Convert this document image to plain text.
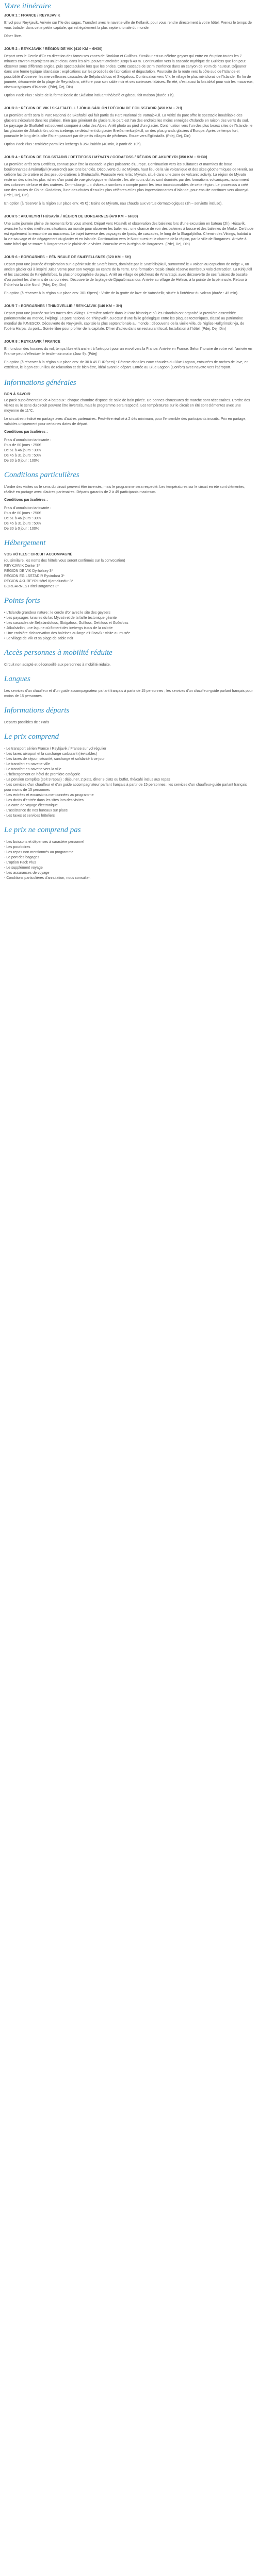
Votre itinéraire
JOUR 1 : FRANCE / REYKJAVIK

Envol pour Reykjavik. Arrivée sur l'île des sagas. Transfert avec le navette-ville de Keflavik, pour vous rendre directement à votre hôtel. Prenez le temps de vous balader dans cette petite capitale, qui est également la plus septentrionale du monde.

Dîner libre.

JOUR 2 : REYKJAVIK / RÉGION DE VIK (410 KM – 6H30)

Départ vers le Cercle d'Or en direction des fameuses zones de Strokkur et Gullfoss. Strokkur est un célèbre geyser qui entre en éruption toutes les 7 minutes environ et projetant un jet d'eau dans les airs, pouvant atteindre jusqu'à 40 m. Continuation vers la cascade mythique de Gullfoss que l'on peut observer sous différents angles, puis spectaculaire lors que les ondes. Cette cascade de 32 m s'enfonce dans un canyon de 70 m de hauteur. Déjeuner dans une ferme typique islandaise : explications sur les procédés de fabrication et dégustation. Poursuite de la route vers la côte sud de l'Islande et possibilité d'observer les merveilleuses cascades de Seljalandsfoss et Skógafoss. Continuation vers Vík, le village le plus méridional de l'Islande. En fin de journée, découverte de la plage de Reynisfjara, célèbre pour son sable noir et ses curieuses falaises. En été, c'est aussi la fois idéal pour voir les macareux, oiseaux typiques d'Islande. (Pdej, Dej, Din)

Option Pack Plus : Visite de la ferme locale de Skálakot incluant thé/café et gâteau fait maison (durée 1 h).

JOUR 3 : RÉGION DE VIK / SKAFTAFELL / JÖKULSÁRLÓN / RÉGION DE EGILSSTAÐIR (450 KM – 7H)

La première arrêt sera le Parc National de Skaftafell qui fait partie du Parc National de Vatnajökull. La vérité du parc offre le spectacle inoubliable des glaciers s'écoulant dans les plaines. Bien que générant de glaciers, le parc est l'un des endroits les moins enneigés d'Islande en raison des vents du sud. Le paysage de Skaftafell est souvent comparé à celui des Alpes. Arrêt photo au pied d'un glacier. Continuation vers l'un des plus beaux sites de l'Islande, le lac glaciaire de Jökulsárlón, où les icebergs se détachent du glacier Breiðamerkurjökull, un des plus grands glaciers d'Europe. Après ce temps fort, poursuite le long de la côte Est en passant par de petits villages de pêcheurs. Route vers Egilsstaðir. (Pdej, Dej, Din)

Option Pack Plus : croisière parmi les icebergs à Jökulsárlón (40 min, à partir de 10h).

JOUR 4 : RÉGION DE EGILSSTAÐIR / DETTIFOSS / MÝVATN / GOÐAFOSS / RÉGION DE AKUREYRI (350 KM – 5H30)

La première arrêt sera Dettifoss, connue pour être la cascade la plus puissante d'Europe. Continuation vers les sulfatares et marmites de boue bouillonnantes à Námafjall (Hverarönd) aux tons bariolés. Découverte du lac Mývatn, haut lieu de la vie volcanique et des sites géothermiques de Hverir, au célèbre lac de cratère et des pseudo-cratères à Skútustaðir. Poursuite vers le lac Mývatn, situé dans une zone de volcanic activity. La région de Mývatn reste un des sites les plus riches d'un point de vue géologique en Islande : les alentours du lac sont dominés par des formations volcaniques, notamment des colonnes de lave et des cratères. Dimmuborgir – « châteaux sombres » compte parmi les lieux incontournables de cette région. Le processus a créé une des routes de Chine. Godafoss, l'une des chutes d'eau les plus célèbres et les plus impressionnantes d'Islande, pour ensuite continuer vers Akureyri. (Pdej, Dej, Din)

En option (à réserver à la région sur place env. 45 €) : Bains de Mývatn, eau chaude aux vertus dermatologiques (1h – serviette incluse).

JOUR 5 : AKUREYRI / HÚSAVÍK / RÉGION DE BORGARNES (470 KM – 6H30)

Une autre journée pleine de moments forts vous attend. Départ vers Húsavík et observation des baleines lors d'une excursion en bateau (2h). Húsavík, avancée l'une des meilleures situations au monde pour observer les baleines : une chance de voir des baleines à bosse et des baleines de Minke. Certitude est également la rencontre au macareux. Le trajet traverse des paysages de fjords, de cascades, le long de la Skagafjörður. Chemin des Vikings, habitat à la vie sauvage et de dégagement du glacier et en Islande. Continuation vers le Nord-ouest et le charme de la région, par la ville de Borgarnes. Arrivée à votre hôtel qui se trouve à Borgarnes et le plaisir de le visiter. Poursuite vers la région de Borgarnes. (Pdej, Dej, Din)

JOUR 6 : BORGARNES – PÉNINSULE DE SNÆFELLSNES (320 KM – 5H)

Départ pour une journée d'exploration sur la péninsule de Snæfellsnes, dominée par le Snæfellsjökull, surnommé le « volcan au capuchon de neige », un ancien glacier qui à inspiré Jules Verne pour son Voyage au centre de la Terre. Une formation rocale située réserve nombreux vols d'attraction. La Kirkjufell et les cascades de Kirkjufellsfoss, la plus photographiée du pays. Arrêt au village de pêcheurs de Arnarstapi, avec découverte de ses falaises de basalte, d'où partent les chemins de randonnées. Découverte de la plage de Djúpalónssandur. Arrivée au village de Hellnar, à la pointe de la péninsule. Retour à l'hôtel via la côte Nord. (Pdej, Dej, Din)

En option (à réserver à la région sur place env. 301 €/pers) : Visite de la grotte de lave de Vatnshellir, située à l'intérieur du volcan (durée : 45 min).

JOUR 7 : BORGARNES / THINGVELLIR / REYKJAVIK (140 KM – 3H)

Départ pour une journée sur les traces des Vikings. Première arrivée dans le Parc historique où les Islandais ont organisé la première assemblée parlementaire au monde, l'Alþingi. Le parc national de Thingvellir, au cœur d'une faille géologique entre les plaques tectoniques, classé au patrimoine mondial de l'UNESCO. Découverte de Reykjavík, capitale la plus septentrionale au monde : découverte de la vieille ville, de l'église Hallgrímskirkja, de l'opéra Harpa, du port... Soirée libre pour profiter de la capitale. Dîner d'adieu dans un restaurant local. Installation à l'hôtel. (Pdej, Dej, Din)

JOUR 8 : REYKJAVIK / FRANCE

En fonction des horaires du vol, temps libre et transfert à l'aéroport pour un envol vers la France. Arrivée en France. Selon l'horaire de votre vol, l'arrivée en France peut s'effectuer le lendemain matin (Jour 9). (Pdej)

En option (à réserver à la région sur place env. de 30 à 45 EUR/pers) : Détente dans les eaux chaudes du Blue Lagoon, entourées de roches de lave, en extérieur, le lagon est un lieu de relaxation et de bien-être, idéal avant le départ. Entrée au Blue Lagoon (Confort) avec navette vers l'aéroport.

Informations générales
BON À SAVOIR

Le pack supplémentaire de 4 bateaux : chaque chambre dispose de salle de bain privée. De bonnes chaussures de marche sont nécessaires. L'ordre des visites ou le sens du circuit peuvent être inversés, mais le programme sera respecté. Les températures sur le circuit en été sont clémentes avec une moyenne de 11°C.

Le circuit est réalisé en partage avec d'autres partenaires. Peut-être réalisé à 2 dès minimum, pour l'ensemble des participants inscrits. Prix en partage, valables uniquement pour certaines dates de départ.

Conditions particulières :

Frais d'annulation tarissante :

Plus de 60 jours : 250€

De 61 à 46 jours : 30%

De 45 à 31 jours : 50%

De 30 à 0 jour : 100%

Conditions particulières

L'ordre des visites ou le sens du circuit peuvent être inversés, mais le programme sera respecté. Les températures sur le circuit en été sont clémentes, réalisé en partage avec d'autres partenaires. Départs garantis de 2 à 49 participants maximum.

Conditions particulières :

Frais d'annulation tarissante :

Plus de 60 jours : 250€

De 61 à 46 jours : 30%

De 45 à 31 jours : 50%

De 30 à 0 jour : 100%

Hébergement
VOS HÔTELS : CIRCUIT ACCOMPAGNÉ

(ou similaire, les noms des hôtels vous seront confirmés sur la convocation)

REYKJAVIK Center 3*

RÉGION DE VIK Dyrhólaey 3*

RÉGION EGILSSTAÐIR Eyvindará 3*

RÉGION AKUREYRI Hótel Kjarnalundur 3*

BORGARNES Hótel Borgarnes 3*

Points forts
• L'Islande grandeur nature : le cercle d'or avec le site des geysers
• Les paysages lunaires du lac Mývatn et de la faille tectonique géante
• Les cascades de Seljalandsfoss, Skógafoss, Gullfoss, Dettifoss et Goðafoss
• Jökulsárlón, une lagune où flottent des icebergs issus de la calotte
• Une croisière d'observation des baleines au large d'Húsavík : visite au musée
• Le village de Vík et sa plage de sable noir
Accès personnes à mobilité réduite

Circuit non adapté et déconseillé aux personnes à mobilité réduite.

Langues

Les services d'un chauffeur et d'un guide accompagnateur parlant français à partir de 15 personnes ; les services d'un chauffeur-guide parlant français pour moins de 15 personnes.

Informations départs

Départs possibles de : Paris

Le prix comprend
- Le transport aérien France / Reykjavik / France sur vol régulier
- Les taxes aéroport et la surcharge carburant (révisables)
- Les taxes de séjour, sécurité, surcharge et solidarité à ce jour
- Le transfert en navette-ville
- Le transfert en navette vers la ville
- L'hébergement en hôtel de première catégorie
- La pension complète (soit 3 repas) : déjeuner, 2 plats, dîner 3 plats ou buffet, thé/café inclus aux repas
- Les services d'un chauffeur et d'un guide accompagnateur parlant français à partir de 15 personnes ; les services d'un chauffeur-guide parlant français pour moins de 15 personnes
- Les entrées et excursions mentionnées au programme
- Les droits d'entrée dans les sites lors des visites
- La carte de voyage électronique
- L'assistance de nos bureaux sur place
- Les taxes et services hôteliers
Le prix ne comprend pas
- Les boissons et dépenses à caractère personnel
- Les pourboires
- Les repas non mentionnés au programme
- Le port des bagages
- L'option Pack Plus
- Le supplément voyage
- Les assurances de voyage
- Conditions particulières d'annulation, nous consulter.
